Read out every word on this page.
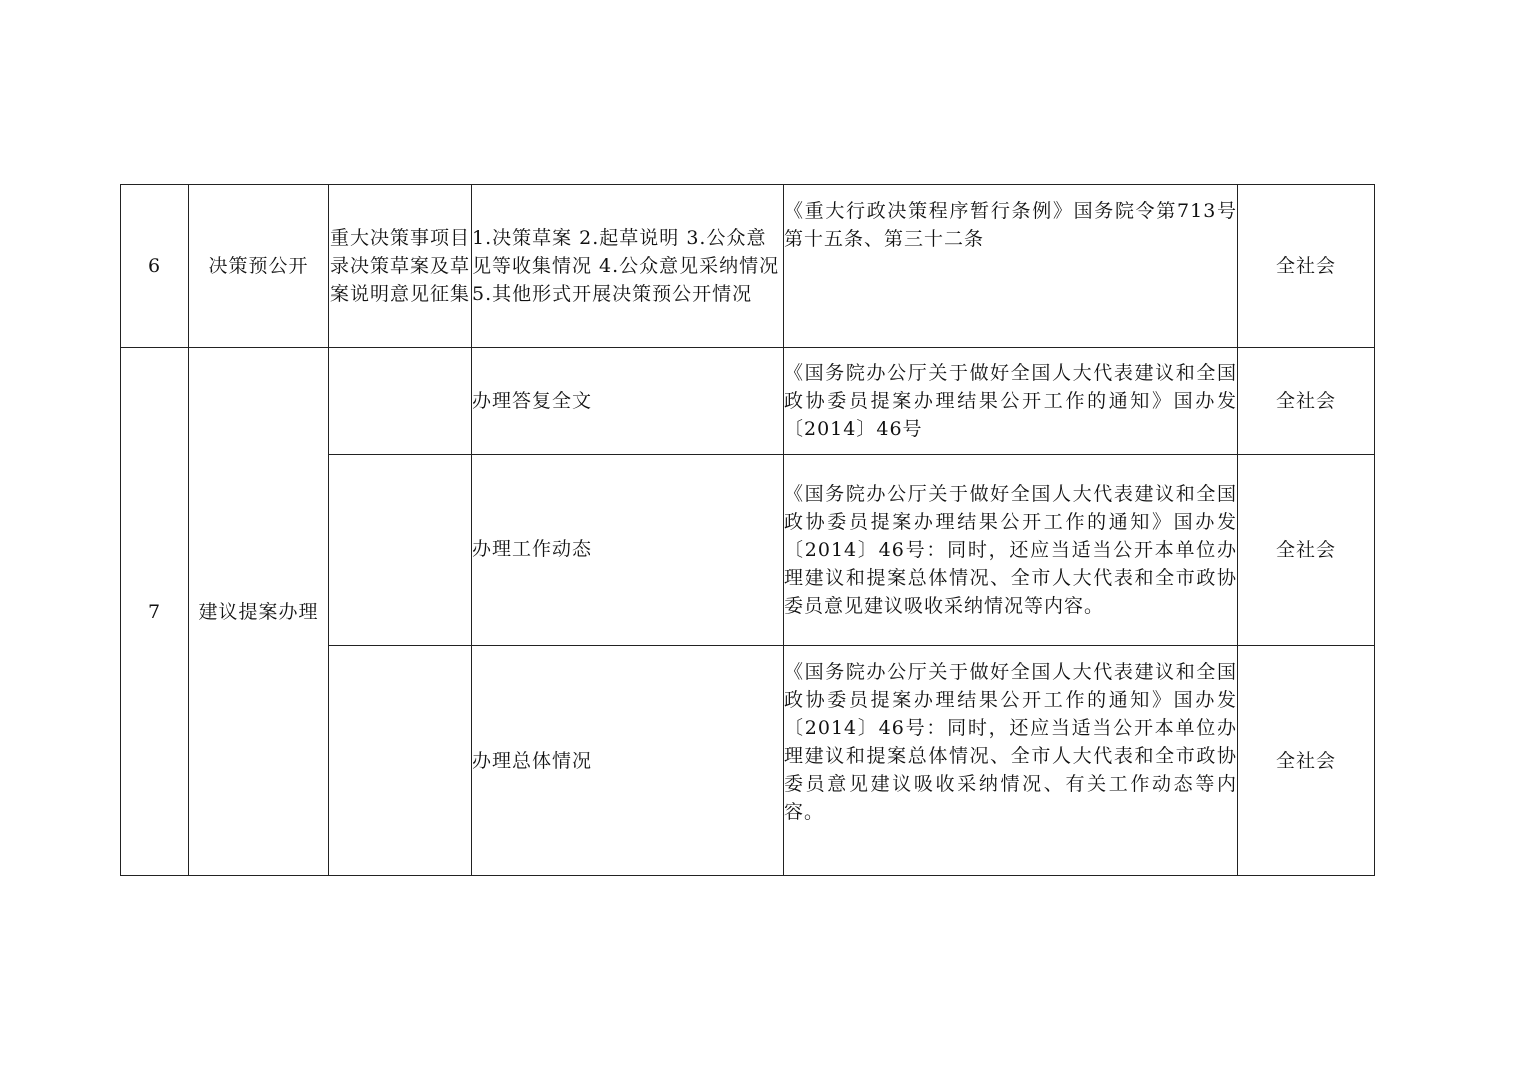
6	决策预公开	重大决策事项目录决策草案及草案说明意见征集	1.决策草案 2.起草说明 3.公众意见等收集情况 4.公众意见采纳情况 5.其他形式开展决策预公开情况	《重大行政决策程序暂行条例》国务院令第713号第十五条、第三十二条	全社会
7	建议提案办理		办理答复全文	《国务院办公厅关于做好全国人大代表建议和全国政协委员提案办理结果公开工作的通知》国办发〔2014〕46号	全社会
			办理工作动态	《国务院办公厅关于做好全国人大代表建议和全国政协委员提案办理结果公开工作的通知》国办发〔2014〕46号：同时，还应当适当公开本单位办理建议和提案总体情况、全市人大代表和全市政协委员意见建议吸收采纳情况等内容。	全社会
			办理总体情况	《国务院办公厅关于做好全国人大代表建议和全国政协委员提案办理结果公开工作的通知》国办发〔2014〕46号：同时，还应当适当公开本单位办理建议和提案总体情况、全市人大代表和全市政协委员意见建议吸收采纳情况、有关工作动态等内容。	全社会
